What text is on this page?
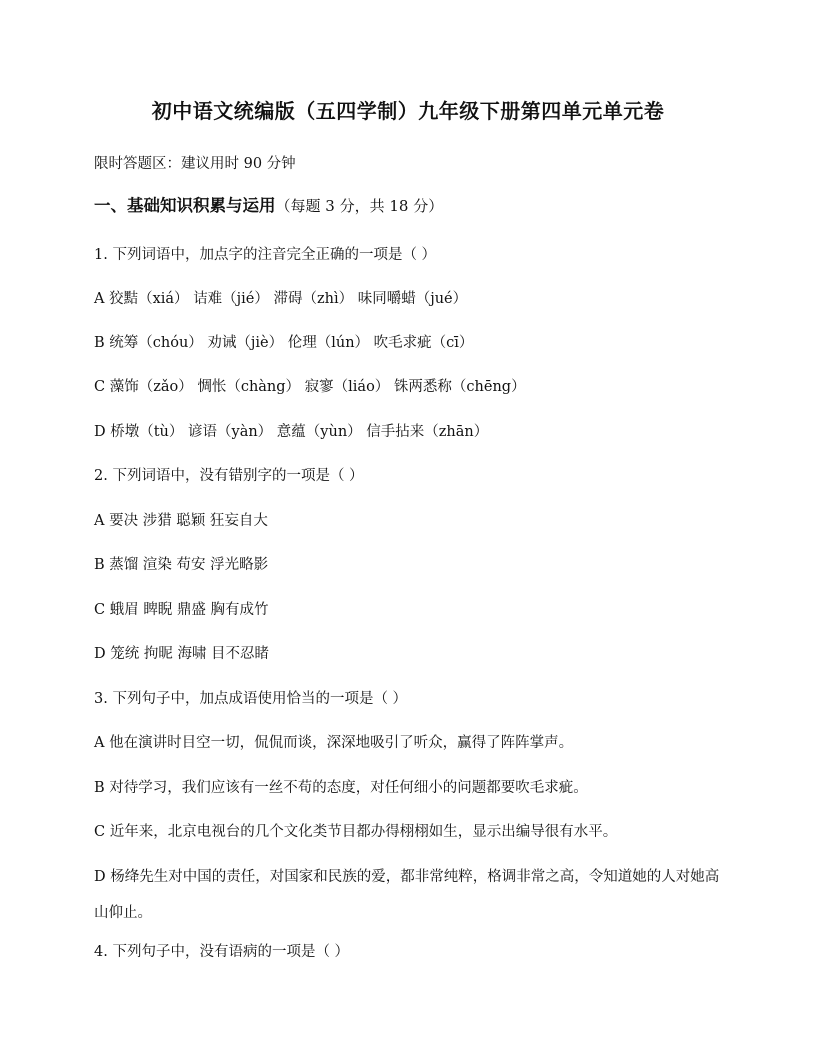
初中语文统编版（五四学制）九年级下册第四单元单元卷
限时答题区：建议用时 90 分钟
一、基础知识积累与运用（每题 3 分，共 18 分）
1. 下列词语中，加点字的注音完全正确的一项是（ ）
A 狡黠（xiá） 诘难（jié） 滞碍（zhì） 味同嚼蜡（jué）
B 统筹（chóu） 劝诫（jiè） 伦理（lún） 吹毛求疵（cī）
C 藻饰（zǎo） 惆怅（chàng） 寂寥（liáo） 铢两悉称（chēng）
D 桥墩（tù） 谚语（yàn） 意蕴（yùn） 信手拈来（zhān）
2. 下列词语中，没有错别字的一项是（ ）
A 要决 涉猎 聪颖 狂妄自大
B 蒸馏 渲染 苟安 浮光略影
C 蛾眉 睥睨 鼎盛 胸有成竹
D 笼统 拘昵 海啸 目不忍睹
3. 下列句子中，加点成语使用恰当的一项是（ ）
A 他在演讲时目空一切，侃侃而谈，深深地吸引了听众，赢得了阵阵掌声。
B 对待学习，我们应该有一丝不苟的态度，对任何细小的问题都要吹毛求疵。
C 近年来，北京电视台的几个文化类节目都办得栩栩如生，显示出编导很有水平。
D 杨绛先生对中国的责任，对国家和民族的爱，都非常纯粹，格调非常之高，令知道她的人对她高山仰止。
4. 下列句子中，没有语病的一项是（ ）
